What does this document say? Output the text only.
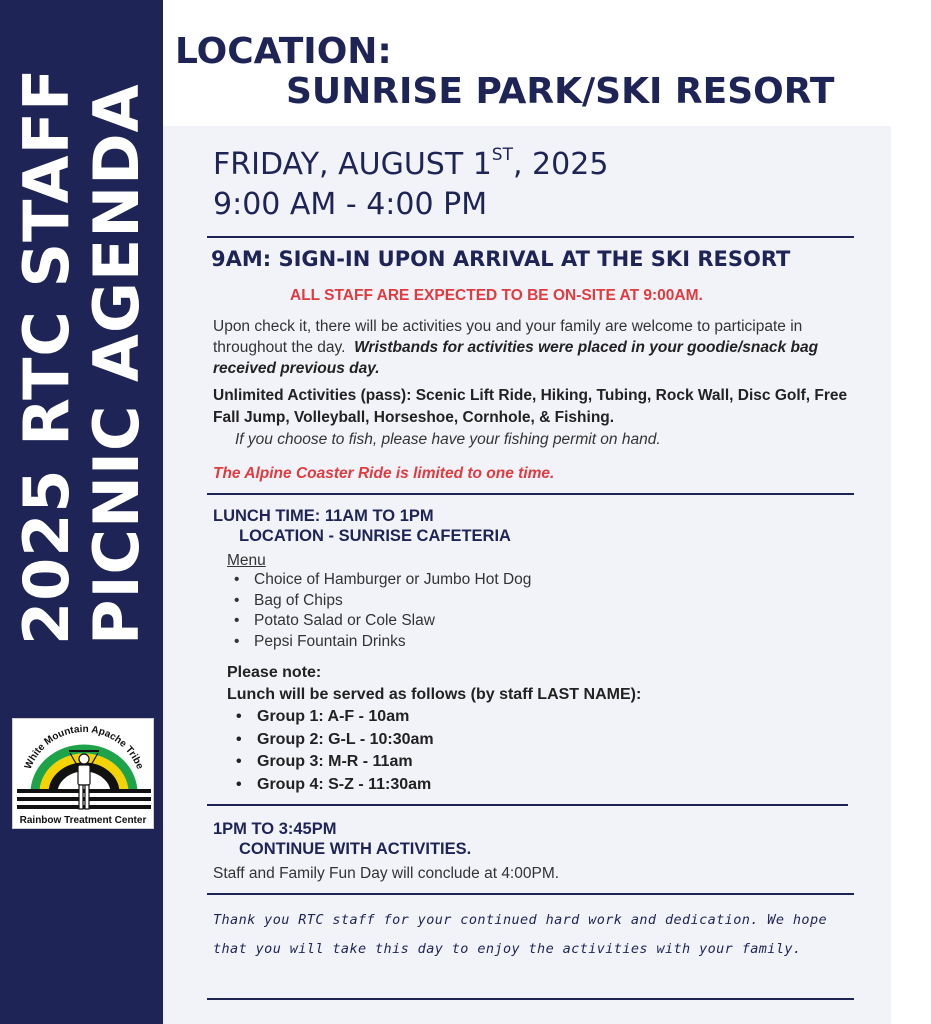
2025 RTC STAFF
PICNIC AGENDA
White Mountain Apache Tribe
Rainbow Treatment Center
LOCATION:
SUNRISE PARK/SKI RESORT
FRIDAY, AUGUST 1ST, 2025
9:00 AM - 4:00 PM
9AM: SIGN-IN UPON ARRIVAL AT THE SKI RESORT
ALL STAFF ARE EXPECTED TO BE ON-SITE AT 9:00AM.
Upon check it, there will be activities you and your family are welcome to participate in throughout the day. Wristbands for activities were placed in your goodie/snack bag received previous day.
Unlimited Activities (pass): Scenic Lift Ride, Hiking, Tubing, Rock Wall, Disc Golf, Free Fall Jump, Volleyball, Horseshoe, Cornhole, & Fishing.
If you choose to fish, please have your fishing permit on hand.
The Alpine Coaster Ride is limited to one time.
LUNCH TIME: 11AM TO 1PM
LOCATION - SUNRISE CAFETERIA
Menu
• Choice of Hamburger or Jumbo Hot Dog
• Bag of Chips
• Potato Salad or Cole Slaw
• Pepsi Fountain Drinks
Please note:
Lunch will be served as follows (by staff LAST NAME):
• Group 1: A-F - 10am
• Group 2: G-L - 10:30am
• Group 3: M-R - 11am
• Group 4: S-Z - 11:30am
1PM TO 3:45PM
CONTINUE WITH ACTIVITIES.
Staff and Family Fun Day will conclude at 4:00PM.
Thank you RTC staff for your continued hard work and dedication. We hope that you will take this day to enjoy the activities with your family.
